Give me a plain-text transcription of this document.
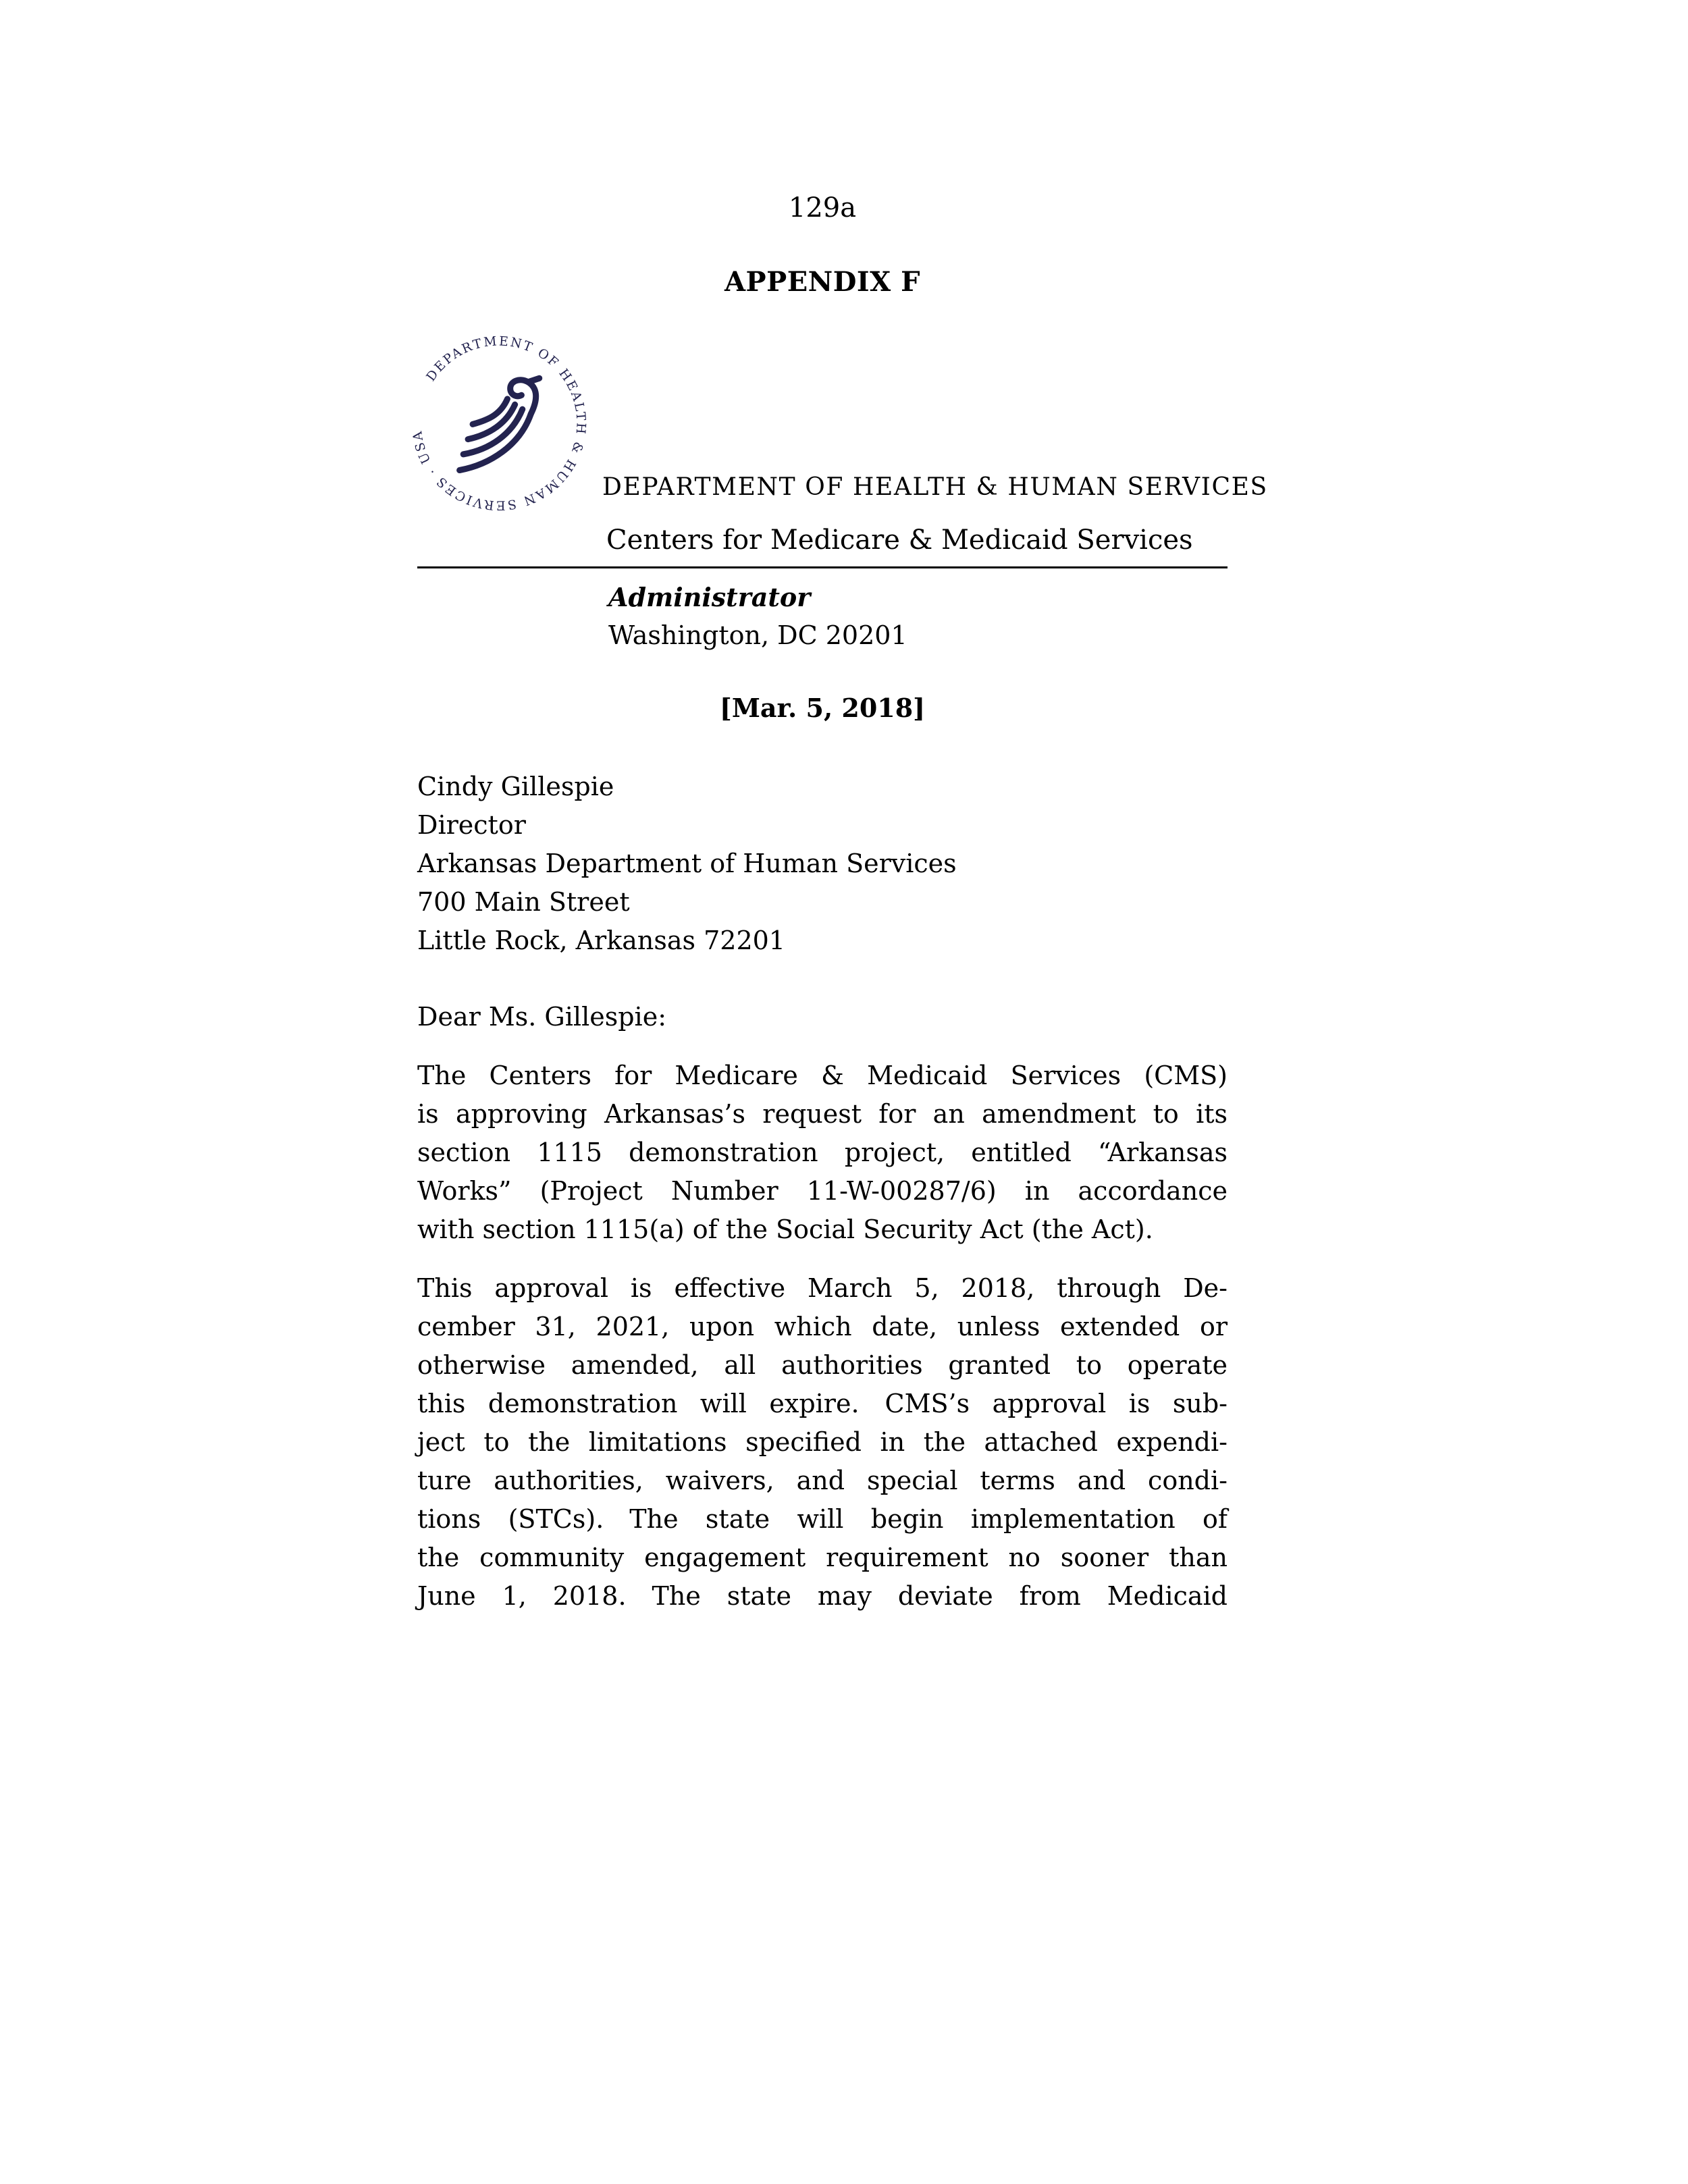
129a
APPENDIX F
DEPARTMENT OF HEALTH & HUMAN SERVICES · USA
DEPARTMENT OF HEALTH & HUMAN SERVICES
Centers for Medicare & Medicaid Services
Administrator
Washington, DC 20201
[Mar. 5, 2018]
Cindy Gillespie
Director
Arkansas Department of Human Services
700 Main Street
Little Rock, Arkansas 72201
Dear Ms. Gillespie:
The Centers for Medicare & Medicaid Services (CMS)
is approving Arkansas’s request for an amendment to its
section 1115 demonstration project, entitled “Arkansas
Works” (Project Number 11-W-00287/6) in accordance
with section 1115(a) of the Social Security Act (the Act).
This approval is effective March 5, 2018, through De-
cember 31, 2021, upon which date, unless extended or
otherwise amended, all authorities granted to operate
this demonstration will expire. CMS’s approval is sub-
ject to the limitations specified in the attached expendi-
ture authorities, waivers, and special terms and condi-
tions (STCs). The state will begin implementation of
the community engagement requirement no sooner than
June 1, 2018. The state may deviate from Medicaid
